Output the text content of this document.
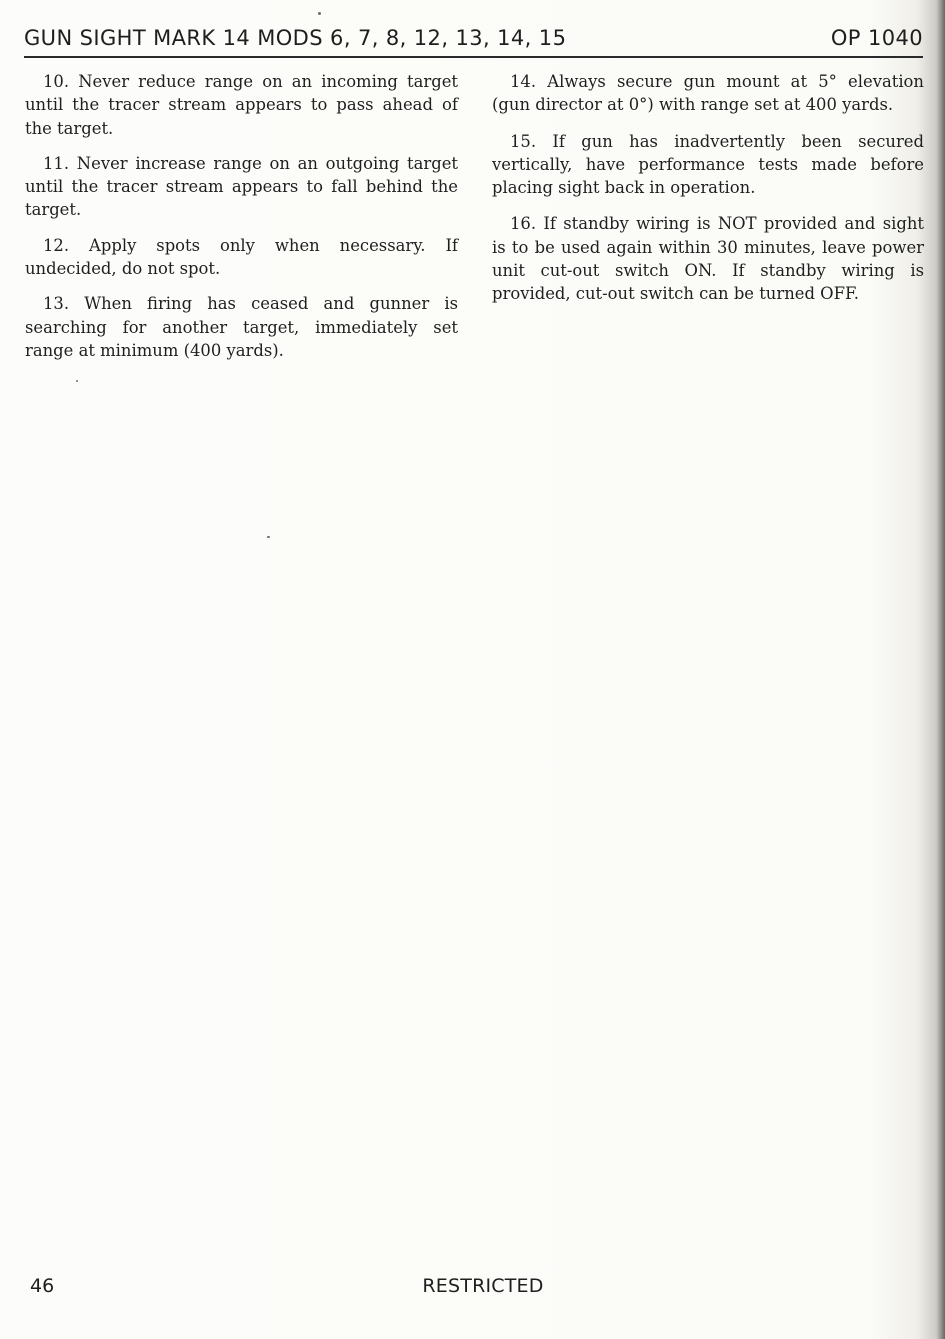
GUN SIGHT MARK 14 MODS 6, 7, 8, 12, 13, 14, 15	OP 1040

10. Never reduce range on an incoming target until the tracer stream appears to pass ahead of the target.

11. Never increase range on an outgoing target until the tracer stream appears to fall behind the target.

12. Apply spots only when necessary. If undecided, do not spot.

13. When firing has ceased and gunner is searching for another target, immediately set range at minimum (400 yards).

14. Always secure gun mount at 5° elevation (gun director at 0°) with range set at 400 yards.

15. If gun has inadvertently been secured vertically, have performance tests made before placing sight back in operation.

16. If standby wiring is NOT provided and sight is to be used again within 30 minutes, leave power unit cut-out switch ON. If standby wiring is provided, cut-out switch can be turned OFF.

46	RESTRICTED
